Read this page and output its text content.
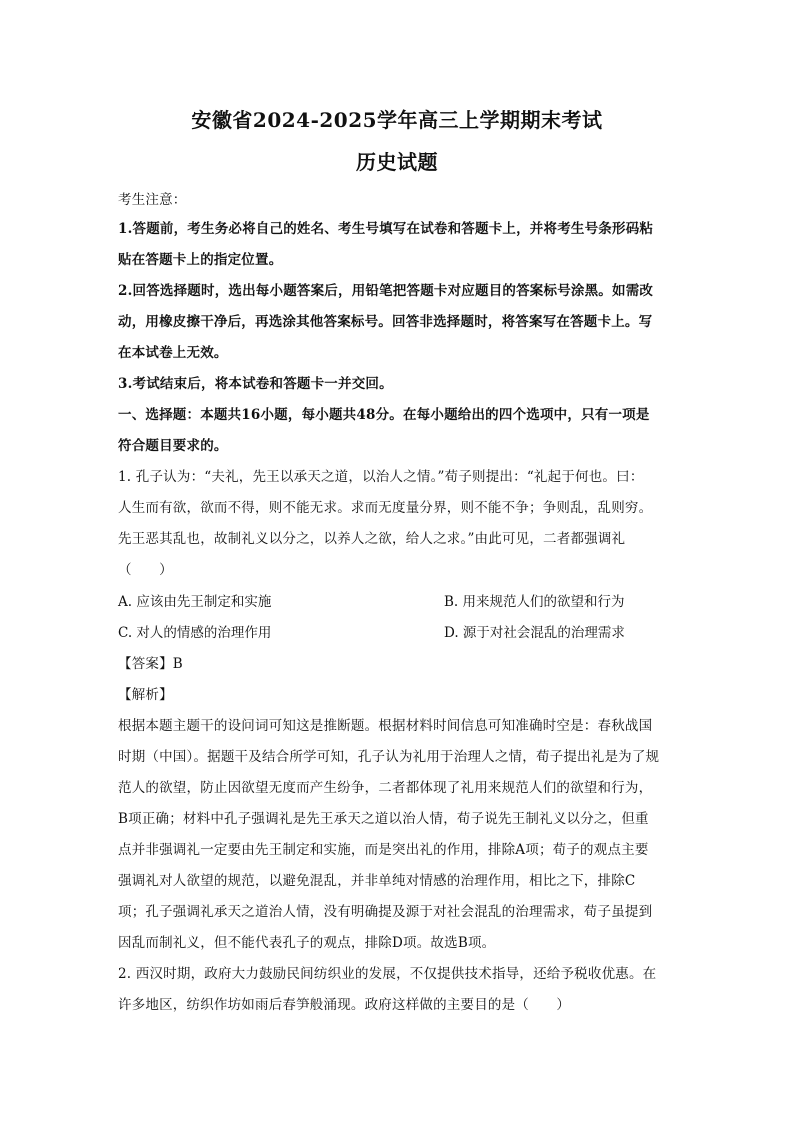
安徽省2024-2025学年高三上学期期末考试
历史试题
考生注意：
1.答题前，考生务必将自己的姓名、考生号填写在试卷和答题卡上，并将考生号条形码粘
贴在答题卡上的指定位置。
2.回答选择题时，选出每小题答案后，用铅笔把答题卡对应题目的答案标号涂黑。如需改
动，用橡皮擦干净后，再选涂其他答案标号。回答非选择题时，将答案写在答题卡上。写
在本试卷上无效。
3.考试结束后，将本试卷和答题卡一并交回。
一、选择题：本题共16小题，每小题共48分。在每小题给出的四个选项中，只有一项是
符合题目要求的。
1. 孔子认为：“夫礼，先王以承天之道，以治人之情。”荀子则提出：“礼起于何也。曰：
人生而有欲，欲而不得，则不能无求。求而无度量分界，则不能不争；争则乱，乱则穷。
先王恶其乱也，故制礼义以分之，以养人之欲，给人之求。”由此可见，二者都强调礼
（　　）
A. 应该由先王制定和实施	B. 用来规范人们的欲望和行为
C. 对人的情感的治理作用	D. 源于对社会混乱的治理需求
【答案】B
【解析】
根据本题主题干的设问词可知这是推断题。根据材料时间信息可知准确时空是：春秋战国
时期（中国）。据题干及结合所学可知，孔子认为礼用于治理人之情，荀子提出礼是为了规
范人的欲望，防止因欲望无度而产生纷争，二者都体现了礼用来规范人们的欲望和行为，
B项正确；材料中孔子强调礼是先王承天之道以治人情，荀子说先王制礼义以分之，但重
点并非强调礼一定要由先王制定和实施，而是突出礼的作用，排除A项；荀子的观点主要
强调礼对人欲望的规范，以避免混乱，并非单纯对情感的治理作用，相比之下，排除C
项；孔子强调礼承天之道治人情，没有明确提及源于对社会混乱的治理需求，荀子虽提到
因乱而制礼义，但不能代表孔子的观点，排除D项。故选B项。
2. 西汉时期，政府大力鼓励民间纺织业的发展，不仅提供技术指导，还给予税收优惠。在
许多地区，纺织作坊如雨后春笋般涌现。政府这样做的主要目的是（　　）
